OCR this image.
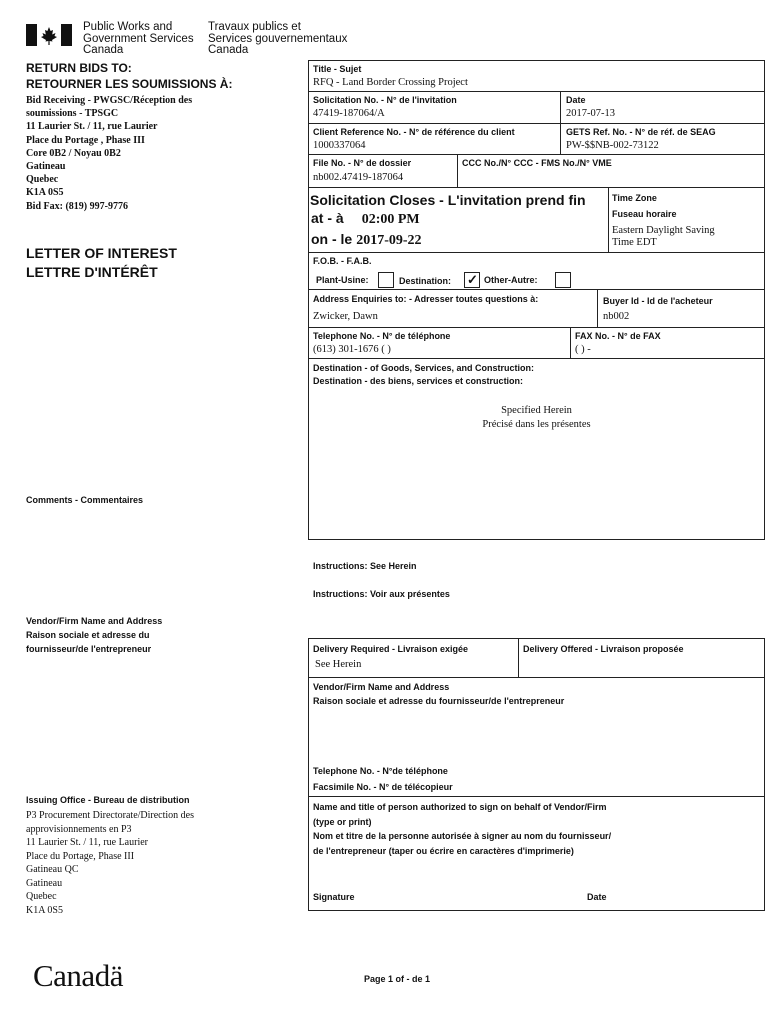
Public Works and
Government Services
Canada
Travaux publics et
Services gouvernementaux
Canada
RETURN BIDS TO:
RETOURNER LES SOUMISSIONS À:
Bid Receiving - PWGSC/Réception des
soumissions - TPSGC
11 Laurier St. / 11, rue Laurier
Place du Portage , Phase III
Core 0B2 / Noyau 0B2
Gatineau
Quebec
K1A 0S5
Bid Fax: (819) 997-9776
LETTER OF INTEREST
LETTRE D'INTÉRÊT
Comments - Commentaires
Vendor/Firm Name and Address
Raison sociale et adresse du
fournisseur/de l'entrepreneur
Issuing Office - Bureau de distribution
P3 Procurement Directorate/Direction des
approvisionnements en P3
11 Laurier St. / 11, rue Laurier
Place du Portage, Phase III
Gatineau QC
Gatineau
Quebec
K1A 0S5
Title - Sujet
RFQ - Land Border Crossing Project
Solicitation No. - N° de l'invitation
47419-187064/A
Date
2017-07-13
Client Reference No. - N° de référence du client
1000337064
GETS Ref. No. - N° de réf. de SEAG
PW-$$NB-002-73122
File No. - N° de dossier
nb002.47419-187064
CCC No./N° CCC - FMS No./N° VME
Solicitation Closes - L'invitation prend fin
at - à 02:00 PM
on - le 2017-09-22
Time Zone
Fuseau horaire
Eastern Daylight Saving
Time EDT
F.O.B. - F.A.B.
Plant-Usine:	Destination: ✓ Other-Autre:
Address Enquiries to: - Adresser toutes questions à:
Zwicker, Dawn
Buyer Id - Id de l'acheteur
nb002
Telephone No. - N° de téléphone
(613) 301-1676 ( )
FAX No. - N° de FAX
( ) -
Destination - of Goods, Services, and Construction:
Destination - des biens, services et construction:
Specified Herein
Précisé dans les présentes
Instructions: See Herein
Instructions: Voir aux présentes
Delivery Required - Livraison exigée
See Herein
Delivery Offered - Livraison proposée
Vendor/Firm Name and Address
Raison sociale et adresse du fournisseur/de l'entrepreneur
Telephone No. - N°de téléphone
Facsimile No. - N° de télécopieur
Name and title of person authorized to sign on behalf of Vendor/Firm
(type or print)
Nom et titre de la personne autorisée à signer au nom du fournisseur/
de l'entrepreneur (taper ou écrire en caractères d'imprimerie)
Signature	Date
Canadä	Page 1 of - de 1
